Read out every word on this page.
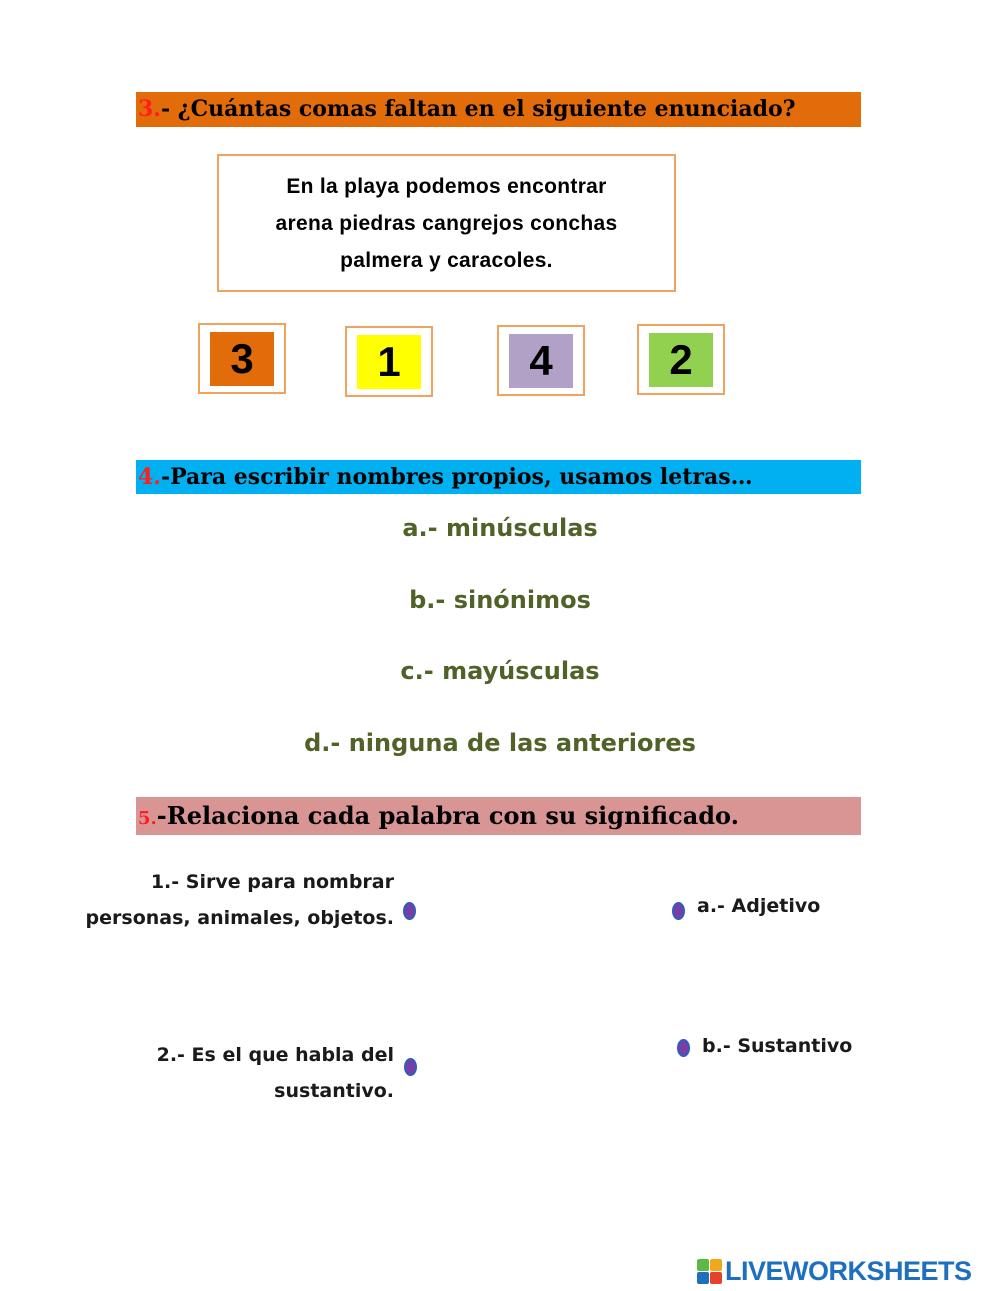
3.- ¿Cuántas comas faltan en el siguiente enunciado?
En la playa podemos encontrar
arena piedras cangrejos conchas
palmera y caracoles.
3	1	4	2
4.-Para escribir nombres propios, usamos letras…
a.- minúsculas
b.- sinónimos
c.- mayúsculas
d.- ninguna de las anteriores
5.-Relaciona cada palabra con su significado.
1.- Sirve para nombrar
personas, animales, objetos.
2.- Es el que habla del
sustantivo.
a.- Adjetivo
b.- Sustantivo
LIVEWORKSHEETS
